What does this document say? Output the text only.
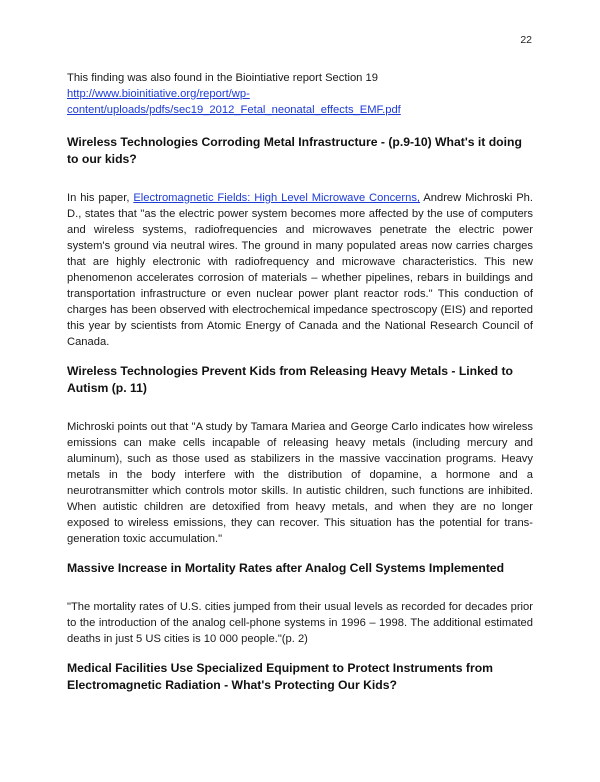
22

This finding was also found in the Biointiative report Section 19

http://www.bioinitiative.org/report/wp-
content/uploads/pdfs/sec19_2012_Fetal_neonatal_effects_EMF.pdf

Wireless Technologies Corroding Metal Infrastructure - (p.9-10) What's it doing to our kids?

In his paper, Electromagnetic Fields: High Level Microwave Concerns, Andrew Michroski Ph. D., states that "as the electric power system becomes more affected by the use of computers and wireless systems, radiofrequencies and microwaves penetrate the electric power system's ground via neutral wires. The ground in many populated areas now carries charges that are highly electronic with radiofrequency and microwave characteristics. This new phenomenon accelerates corrosion of materials – whether pipelines, rebars in buildings and transportation infrastructure or even nuclear power plant reactor rods." This conduction of charges has been observed with electrochemical impedance spectroscopy (EIS) and reported this year by scientists from Atomic Energy of Canada and the National Research Council of Canada.

Wireless Technologies Prevent Kids from Releasing Heavy Metals - Linked to Autism (p. 11)

Michroski points out that "A study by Tamara Mariea and George Carlo indicates how wireless emissions can make cells incapable of releasing heavy metals (including mercury and aluminum), such as those used as stabilizers in the massive vaccination programs. Heavy metals in the body interfere with the distribution of dopamine, a hormone and a neurotransmitter which controls motor skills. In autistic children, such functions are inhibited. When autistic children are detoxified from heavy metals, and when they are no longer exposed to wireless emissions, they can recover. This situation has the potential for trans-generation toxic accumulation."

Massive Increase in Mortality Rates after Analog Cell Systems Implemented

"The mortality rates of U.S. cities jumped from their usual levels as recorded for decades prior to the introduction of the analog cell-phone systems in 1996 – 1998. The additional estimated deaths in just 5 US cities is 10 000 people."(p. 2)

Medical Facilities Use Specialized Equipment to Protect Instruments from Electromagnetic Radiation - What's Protecting Our Kids?
